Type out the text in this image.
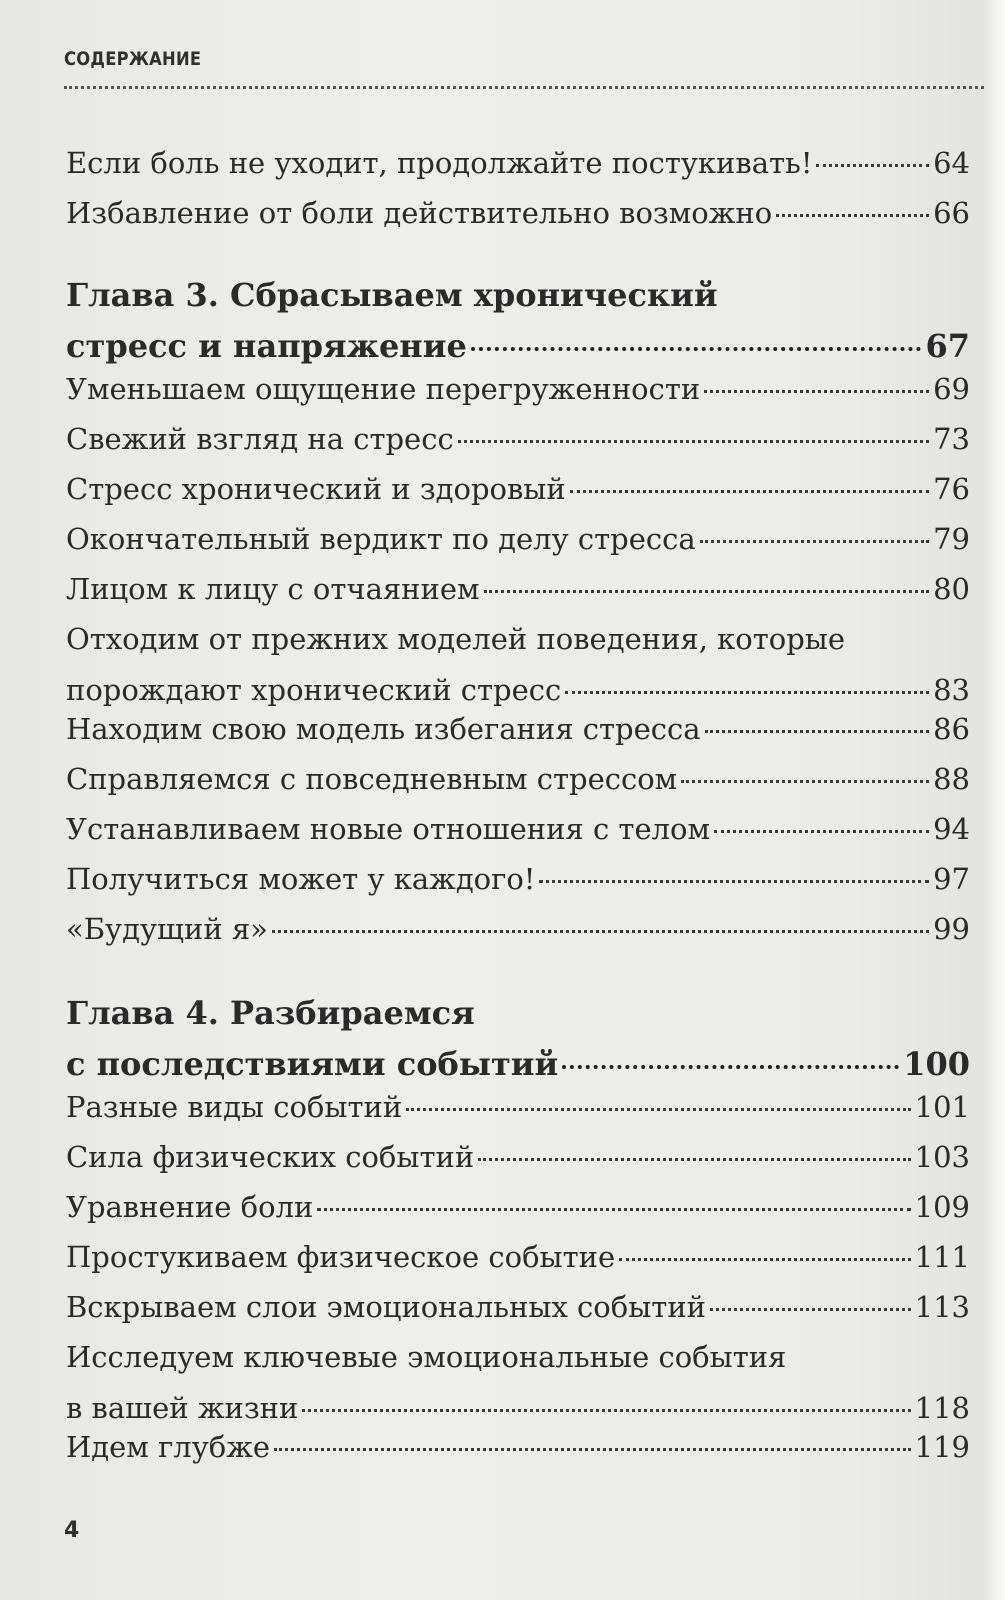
СОДЕРЖАНИЕ
Если боль не уходит, продолжайте постукивать!	64
Избавление от боли действительно возможно	66
Глава 3. Сбрасываем хронический
стресс и напряжение	67
Уменьшаем ощущение перегруженности	69
Свежий взгляд на стресс	73
Стресс хронический и здоровый	76
Окончательный вердикт по делу стресса	79
Лицом к лицу с отчаянием	80
Отходим от прежних моделей поведения, которые
порождают хронический стресс	83
Находим свою модель избегания стресса	86
Справляемся с повседневным стрессом	88
Устанавливаем новые отношения с телом	94
Получиться может у каждого!	97
«Будущий я»	99
Глава 4. Разбираемся
с последствиями событий	100
Разные виды событий	101
Сила физических событий	103
Уравнение боли	109
Простукиваем физическое событие	111
Вскрываем слои эмоциональных событий	113
Исследуем ключевые эмоциональные события
в вашей жизни	118
Идем глубже	119
4
